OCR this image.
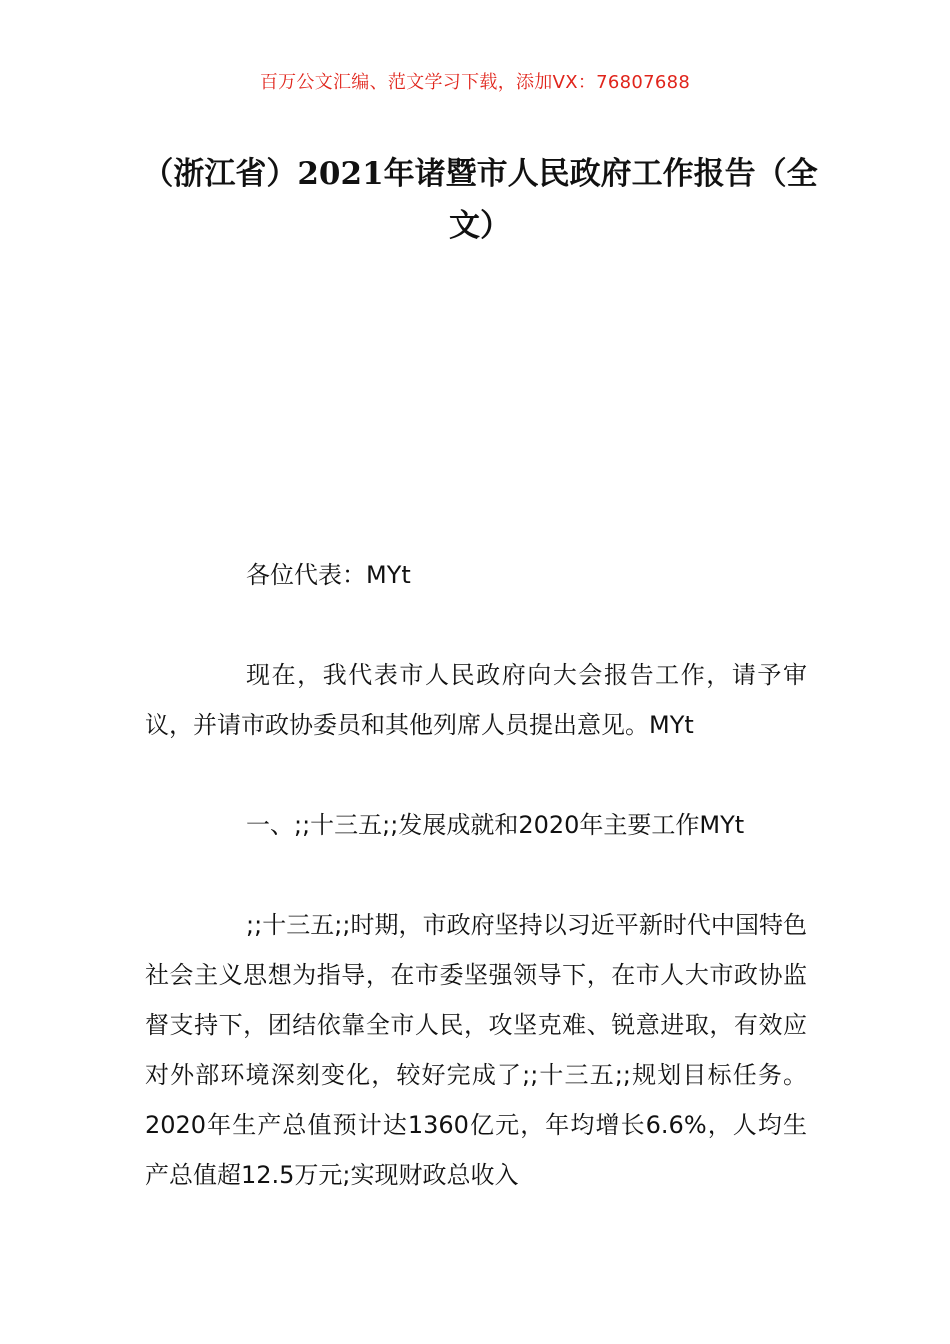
百万公文汇编、范文学习下载，添加VX：76807688
（浙江省）2021年诸暨市人民政府工作报告（全文）
各位代表：MYt
现在，我代表市人民政府向大会报告工作，请予审议，并请市政协委员和其他列席人员提出意见。MYt
一、;;十三五;;发展成就和2020年主要工作MYt
;;十三五;;时期，市政府坚持以习近平新时代中国特色社会主义思想为指导，在市委坚强领导下，在市人大市政协监督支持下，团结依靠全市人民，攻坚克难、锐意进取，有效应对外部环境深刻变化，较好完成了;;十三五;;规划目标任务。2020年生产总值预计达1360亿元，年均增长6.6%，人均生产总值超12.5万元;实现财政总收入
